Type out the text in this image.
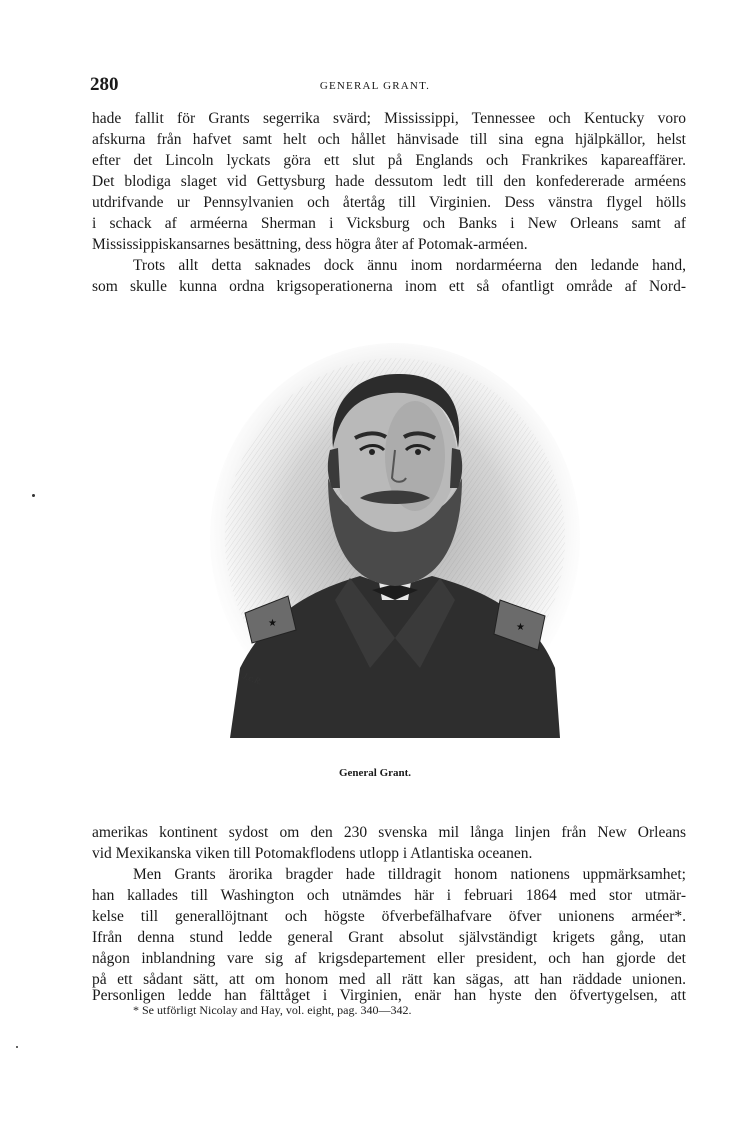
280	GENERAL GRANT.
hade fallit för Grants segerrika svärd; Mississippi, Tennessee och Kentucky voro
afskurna från hafvet samt helt och hållet hänvisade till sina egna hjälpkällor, helst
efter det Lincoln lyckats göra ett slut på Englands och Frankrikes kapareaffärer.
Det blodiga slaget vid Gettysburg hade dessutom ledt till den konfedererade arméens
utdrifvande ur Pennsylvanien och återtåg till Virginien. Dess vänstra flygel hölls
i schack af arméerna Sherman i Vicksburg och Banks i New Orleans samt af
Mississippiskansarnes besättning, dess högra åter af Potomak-arméen.
Trots allt detta saknades dock ännu inom nordarméerna den ledande hand,
som skulle kunna ordna krigsoperationerna inom ett så ofantligt område af Nord-
★	★
J.c.R.
General Grant.
amerikas kontinent sydost om den 230 svenska mil långa linjen från New Orleans
vid Mexikanska viken till Potomakflodens utlopp i Atlantiska oceanen.
Men Grants ärorika bragder hade tilldragit honom nationens uppmärksamhet;
han kallades till Washington och utnämdes här i februari 1864 med stor utmär-
kelse till generallöjtnant och högste öfverbefälhafvare öfver unionens arméer*.
Ifrån denna stund ledde general Grant absolut självständigt krigets gång, utan
någon inblandning vare sig af krigsdepartement eller president, och han gjorde det
på ett sådant sätt, att om honom med all rätt kan sägas, att han räddade unionen.
Personligen ledde han fälttåget i Virginien, enär han hyste den öfvertygelsen, att
* Se utförligt Nicolay and Hay, vol. eight, pag. 340—342.
